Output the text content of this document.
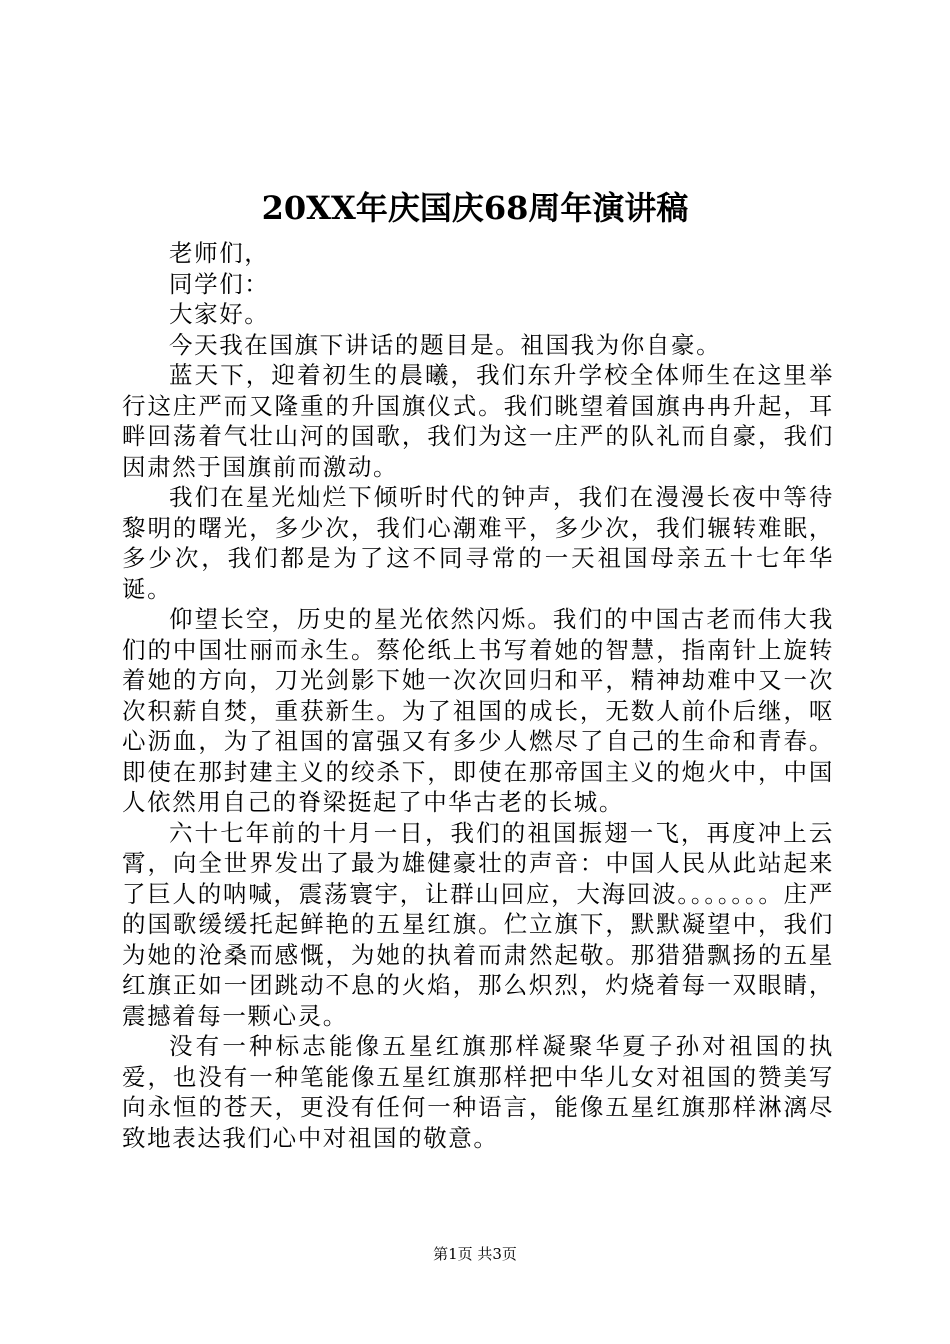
20XX年庆国庆68周年演讲稿

老师们，

同学们：

大家好。

今天我在国旗下讲话的题目是。祖国我为你自豪。

蓝天下，迎着初生的晨曦，我们东升学校全体师生在这里举行这庄严而又隆重的升国旗仪式。我们眺望着国旗冉冉升起，耳畔回荡着气壮山河的国歌，我们为这一庄严的队礼而自豪，我们因肃然于国旗前而激动。

我们在星光灿烂下倾听时代的钟声，我们在漫漫长夜中等待黎明的曙光，多少次，我们心潮难平，多少次，我们辗转难眠，多少次，我们都是为了这不同寻常的一天祖国母亲五十七年华诞。

仰望长空，历史的星光依然闪烁。我们的中国古老而伟大我们的中国壮丽而永生。蔡伦纸上书写着她的智慧，指南针上旋转着她的方向，刀光剑影下她一次次回归和平，精神劫难中又一次次积薪自焚，重获新生。为了祖国的成长，无数人前仆后继，呕心沥血，为了祖国的富强又有多少人燃尽了自己的生命和青春。即使在那封建主义的绞杀下，即使在那帝国主义的炮火中，中国人依然用自己的脊梁挺起了中华古老的长城。

六十七年前的十月一日，我们的祖国振翅一飞，再度冲上云霄，向全世界发出了最为雄健豪壮的声音：中国人民从此站起来了巨人的呐喊，震荡寰宇，让群山回应，大海回波。。。。。。。庄严的国歌缓缓托起鲜艳的五星红旗。伫立旗下，默默凝望中，我们为她的沧桑而感慨，为她的执着而肃然起敬。那猎猎飘扬的五星红旗正如一团跳动不息的火焰，那么炽烈，灼烧着每一双眼睛，震撼着每一颗心灵。

没有一种标志能像五星红旗那样凝聚华夏子孙对祖国的执爱，也没有一种笔能像五星红旗那样把中华儿女对祖国的赞美写向永恒的苍天，更没有任何一种语言，能像五星红旗那样淋漓尽致地表达我们心中对祖国的敬意。

第1页 共3页
